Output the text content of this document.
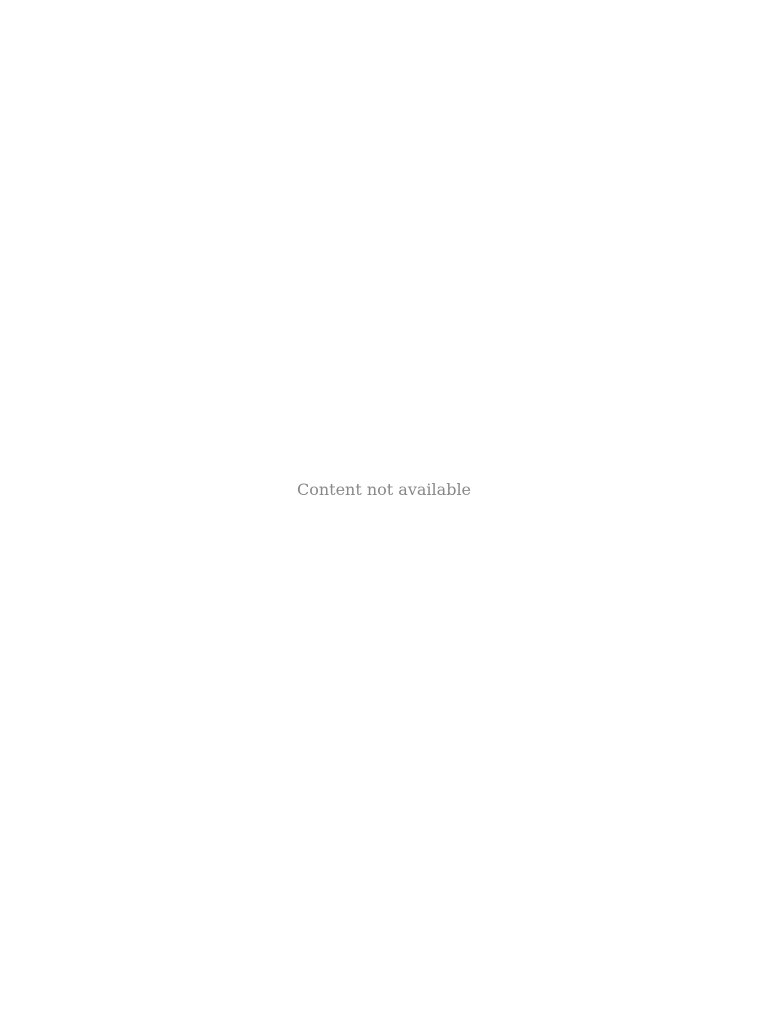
Content not available
